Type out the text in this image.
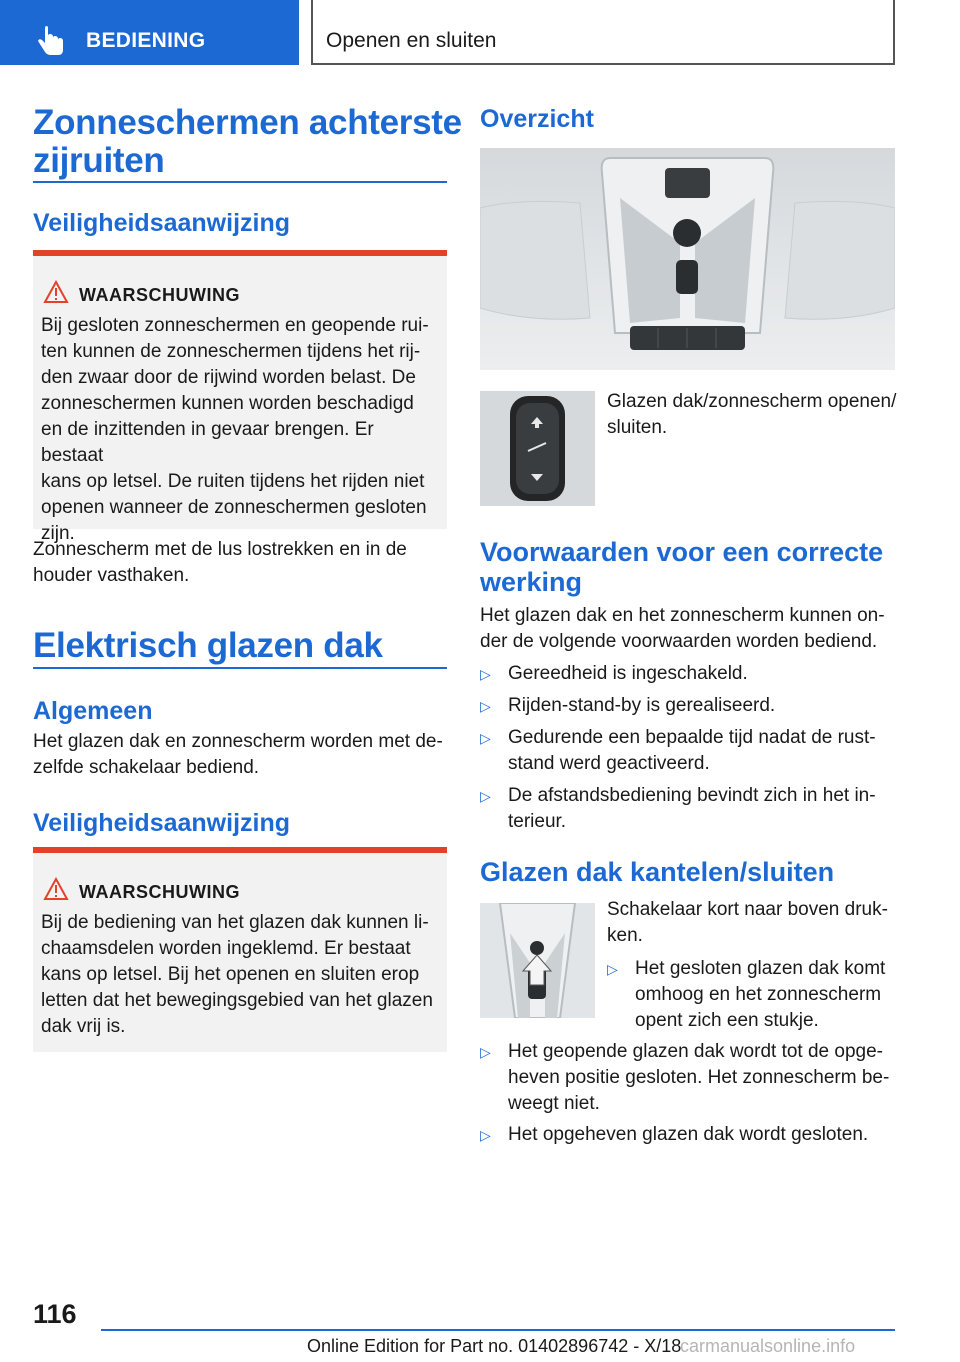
BEDIENING	Openen en sluiten
Zonneschermen achterste
zijruiten
Veiligheidsaanwijzing
WAARSCHUWING
Bij gesloten zonneschermen en geopende rui-
ten kunnen de zonneschermen tijdens het rij-
den zwaar door de rijwind worden belast. De
zonneschermen kunnen worden beschadigd
en de inzittenden in gevaar brengen. Er bestaat
kans op letsel. De ruiten tijdens het rijden niet
openen wanneer de zonneschermen gesloten
zijn.
Zonnescherm met de lus lostrekken en in de
houder vasthaken.
Elektrisch glazen dak
Algemeen
Het glazen dak en zonnescherm worden met de-
zelfde schakelaar bediend.
Veiligheidsaanwijzing
WAARSCHUWING
Bij de bediening van het glazen dak kunnen li-
chaamsdelen worden ingeklemd. Er bestaat
kans op letsel. Bij het openen en sluiten erop
letten dat het bewegingsgebied van het glazen
dak vrij is.
Overzicht
Glazen dak/zonnescherm openen/
sluiten.
Voorwaarden voor een correcte
werking
Het glazen dak en het zonnescherm kunnen on-
der de volgende voorwaarden worden bediend.
▷ Gereedheid is ingeschakeld.
▷ Rijden-stand-by is gerealiseerd.
▷ Gedurende een bepaalde tijd nadat de rust-
stand werd geactiveerd.
▷ De afstandsbediening bevindt zich in het in-
terieur.
Glazen dak kantelen/sluiten
Schakelaar kort naar boven druk-
ken.
▷ Het gesloten glazen dak komt
omhoog en het zonnescherm
opent zich een stukje.
▷ Het geopende glazen dak wordt tot de opge-
heven positie gesloten. Het zonnescherm be-
weegt niet.
▷ Het opgeheven glazen dak wordt gesloten.
116
Online Edition for Part no. 01402896742 - X/18
carmanualsonline.info
